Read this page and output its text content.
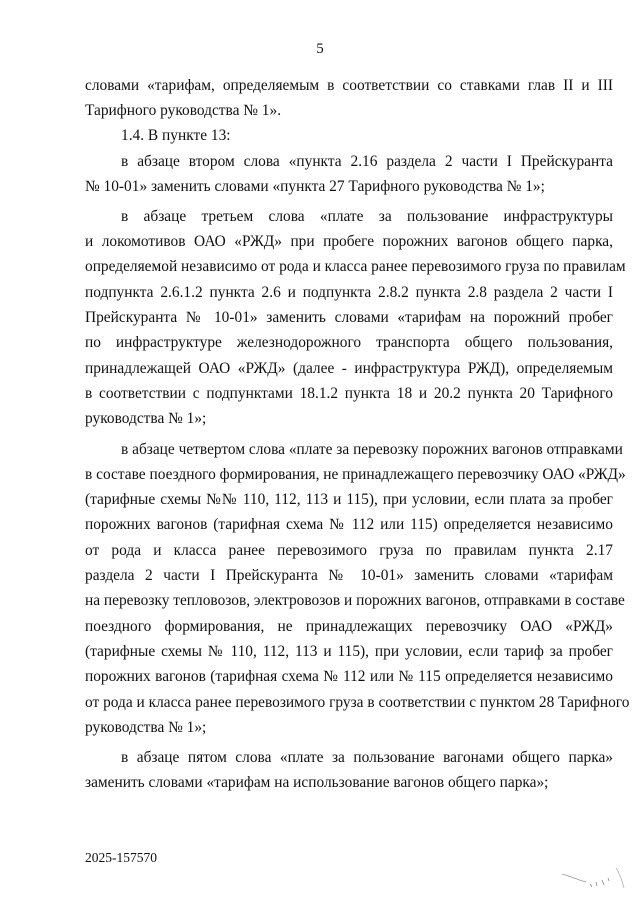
5
словами «тарифам, определяемым в соответствии со ставками глав II и III
Тарифного руководства № 1».
1.4. В пункте 13:
в абзаце втором слова «пункта 2.16 раздела 2 части I Прейскуранта
№ 10-01» заменить словами «пункта 27 Тарифного руководства № 1»;
в абзаце третьем слова «плате за пользование инфраструктуры
и локомотивов ОАО «РЖД» при пробеге порожних вагонов общего парка,
определяемой независимо от рода и класса ранее перевозимого груза по правилам
подпункта 2.6.1.2 пункта 2.6 и подпункта 2.8.2 пункта 2.8 раздела 2 части I
Прейскуранта № 10-01» заменить словами «тарифам на порожний пробег
по инфраструктуре железнодорожного транспорта общего пользования,
принадлежащей ОАО «РЖД» (далее - инфраструктура РЖД), определяемым
в соответствии с подпунктами 18.1.2 пункта 18 и 20.2 пункта 20 Тарифного
руководства № 1»;
в абзаце четвертом слова «плате за перевозку порожних вагонов отправками
в составе поездного формирования, не принадлежащего перевозчику ОАО «РЖД»
(тарифные схемы №№ 110, 112, 113 и 115), при условии, если плата за пробег
порожних вагонов (тарифная схема № 112 или 115) определяется независимо
от рода и класса ранее перевозимого груза по правилам пункта 2.17
раздела 2 части I Прейскуранта № 10-01» заменить словами «тарифам
на перевозку тепловозов, электровозов и порожних вагонов, отправками в составе
поездного формирования, не принадлежащих перевозчику ОАО «РЖД»
(тарифные схемы № 110, 112, 113 и 115), при условии, если тариф за пробег
порожних вагонов (тарифная схема № 112 или № 115 определяется независимо
от рода и класса ранее перевозимого груза в соответствии с пунктом 28 Тарифного
руководства № 1»;
в абзаце пятом слова «плате за пользование вагонами общего парка»
заменить словами «тарифам на использование вагонов общего парка»;
2025-157570
